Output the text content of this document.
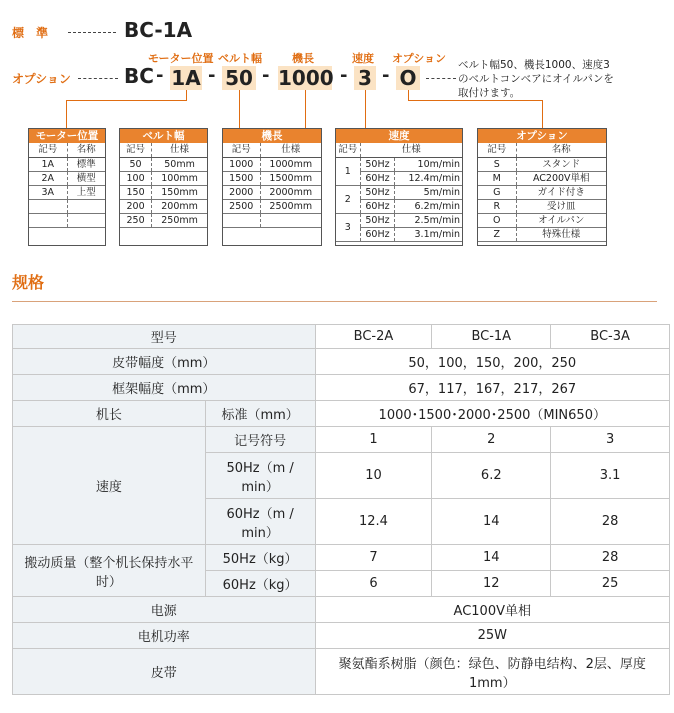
標　準	BC-1A
モーター位置 ベルト幅	機長	速度 オプション
オプション	BC - 1A - 50 - 1000 - 3 - O
ベルト幅50、機長1000、速度3のベルトコンベアにオイルパンを取付けます。
モーター位置
記号	名称
1A	標準
2A	横型
3A	上型

ベルト幅
記号	仕様
50	50mm
100	100mm
150	150mm
200	200mm
250	250mm
機長
記号	仕様
1000	1000mm
1500	1500mm
2000	2000mm
2500	2500mm

速度
記号	仕様	
1	50Hz	10m/min
	60Hz	12.4m/min
2	50Hz	5m/min
	60Hz	6.2m/min
3	50Hz	2.5m/min
	60Hz	3.1m/min
オプション
記号	名称
S	スタンド
M	AC200V単相
G	ガイド付き
R	受け皿
O	オイルパン
Z	特殊仕様
规格
型号		BC-2A	BC-1A	BC-3A
皮带幅度（mm）		50，100，150，200，250		
框架幅度（mm）		67，117，167，217，267		
机长	标准（mm）	1000･1500･2000･2500（MIN650）		
速度	记号符号	1	2	3
	50Hz（m / min）	10	6.2	3.1
	60Hz（m / min）	12.4	14	28
搬动质量（整个机长保持水平时）	50Hz（kg）	7	14	28
	60Hz（kg）	6	12	25
电源		AC100V单相		
电机功率		25W		
皮带		聚氨酯系树脂（颜色：绿色、防静电结构、2层、厚度1mm）		
